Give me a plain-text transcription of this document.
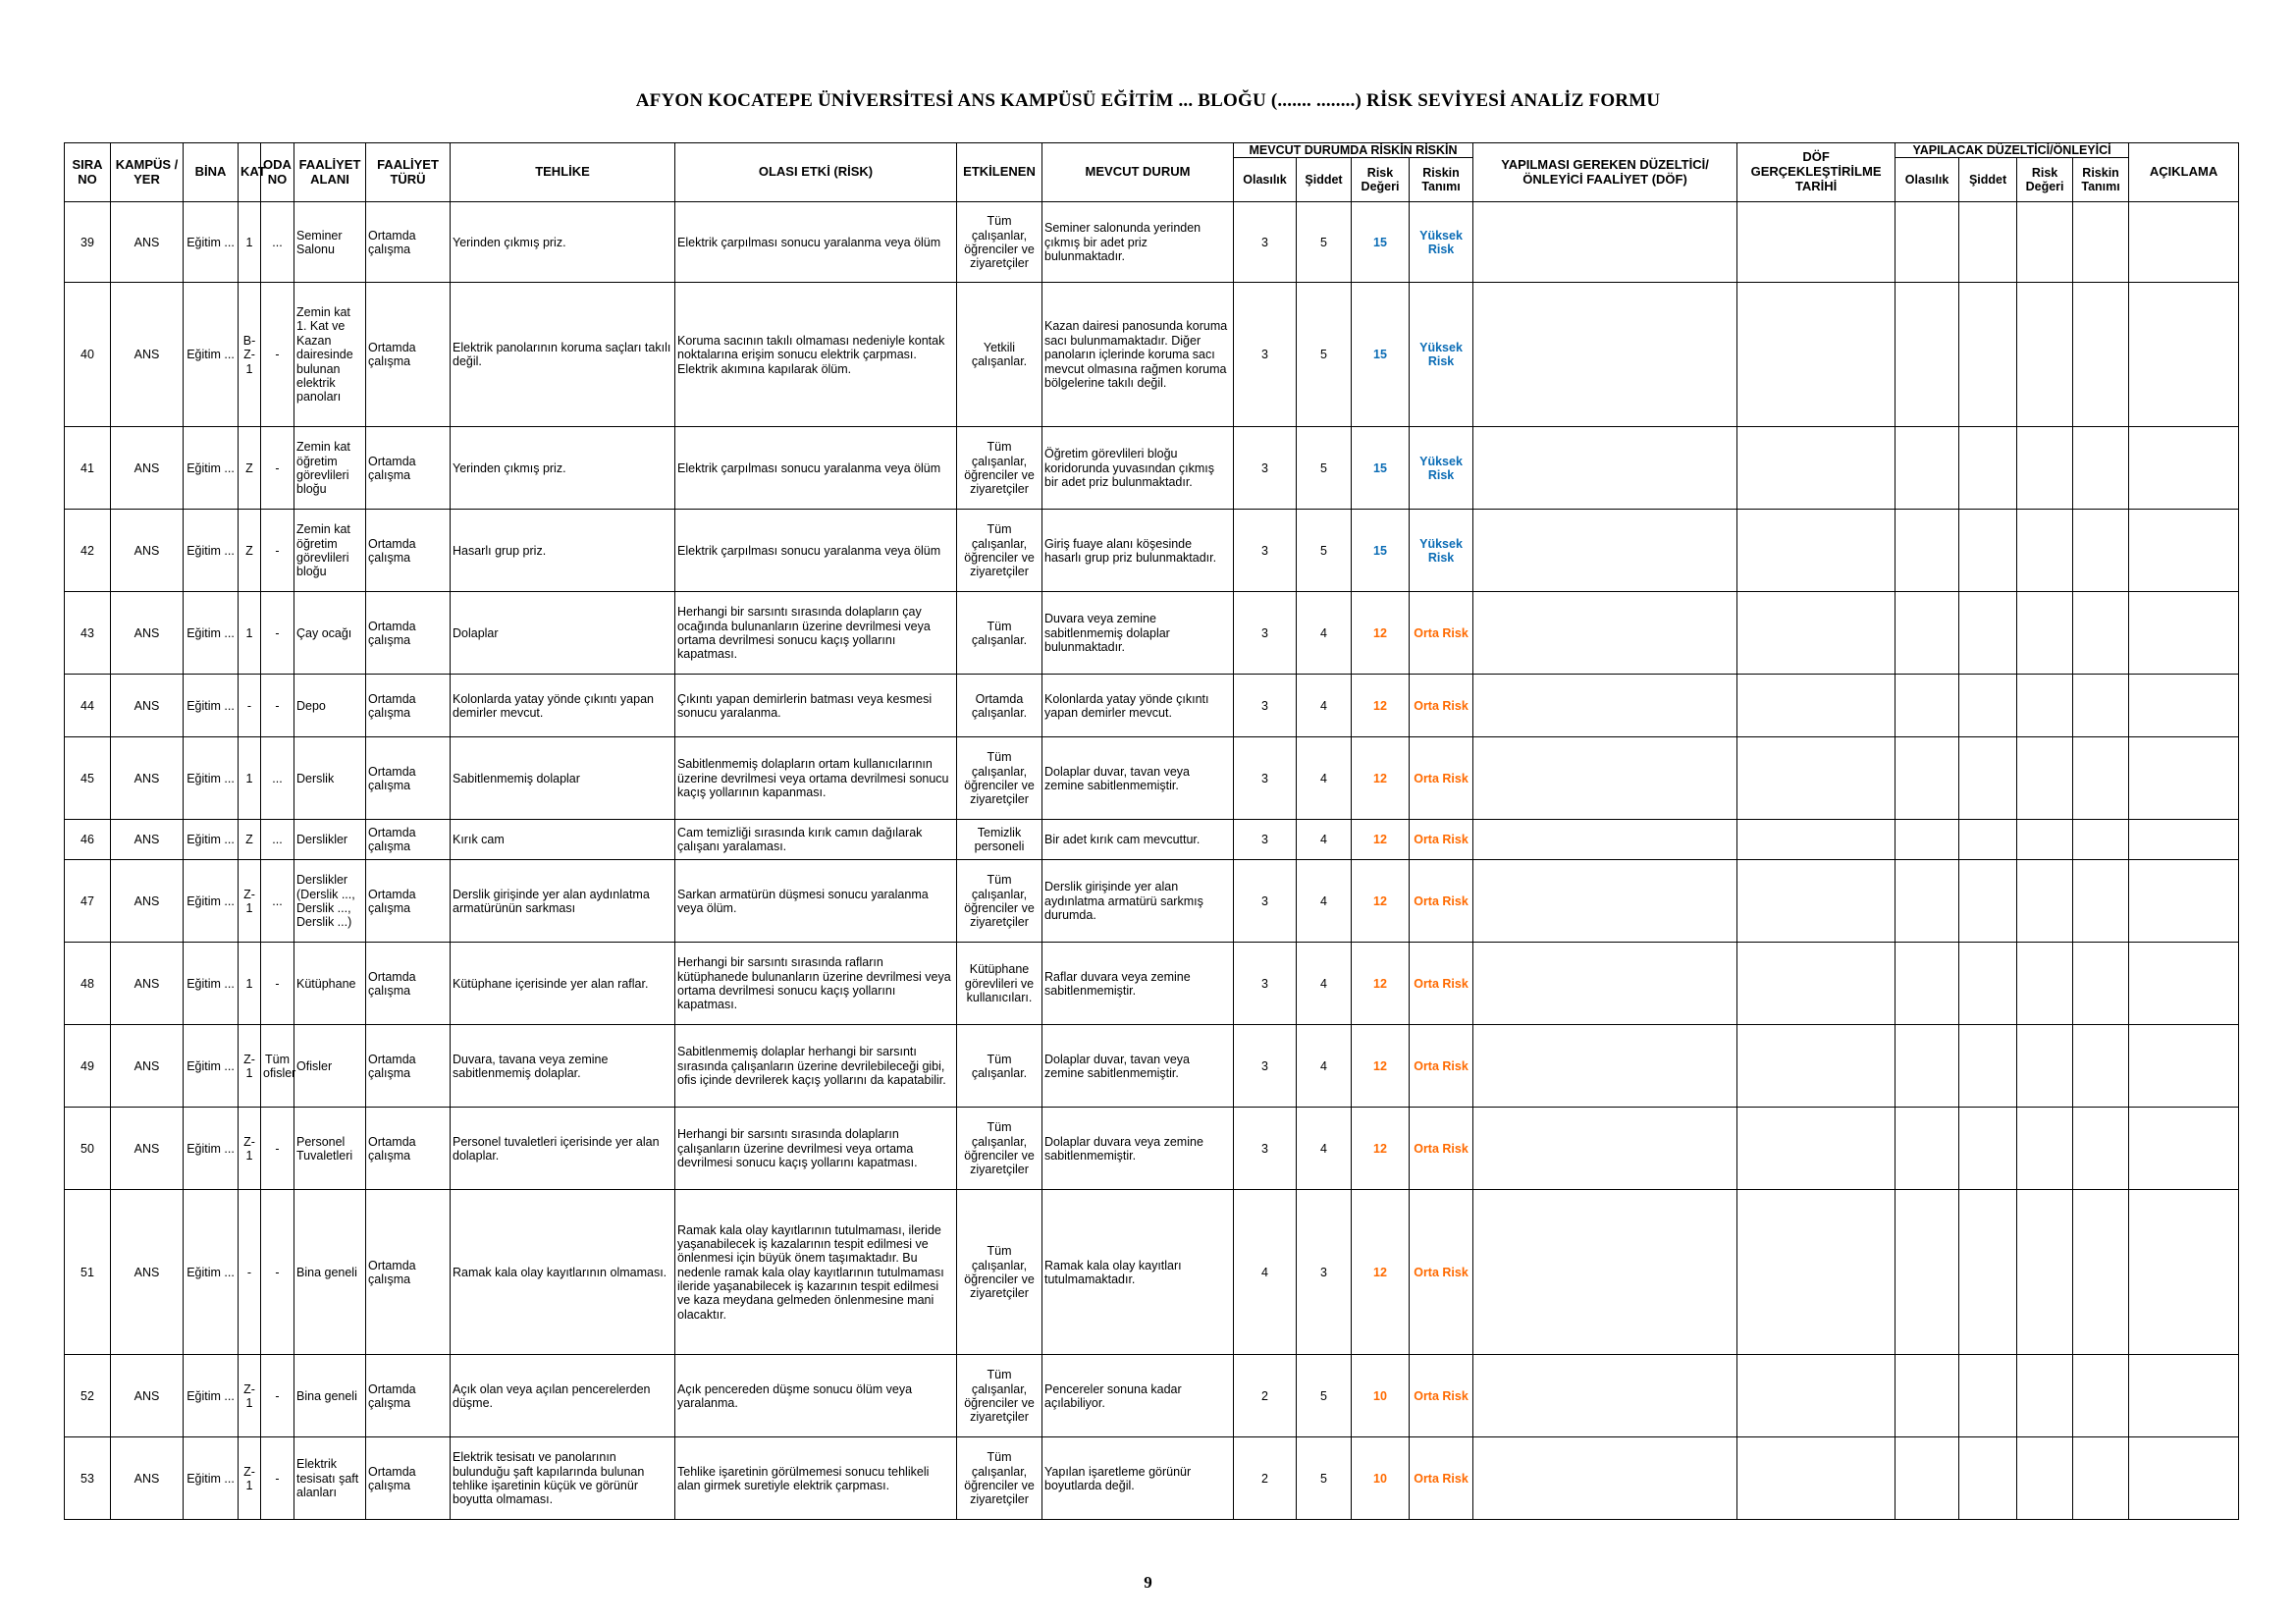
AFYON KOCATEPE ÜNİVERSİTESİ ANS KAMPÜSÜ EĞİTİM ... BLOĞU (....... ........) RİSK SEVİYESİ ANALİZ FORMU
SIRA NO	KAMPÜS / YER	BİNA	KAT	ODA NO	FAALİYET ALANI	FAALİYET TÜRÜ	TEHLİKE	OLASI ETKİ (RİSK)	ETKİLENEN	MEVCUT DURUM	MEVCUT DURUMDA RİSKİN RİSKİN				YAPILMASI GEREKEN DÜZELTİCİ/ÖNLEYİCİ FAALİYET (DÖF)	DÖF GERÇEKLEŞTİRİLME TARİHİ	YAPILACAK DÜZELTİCİ/ÖNLEYİCİ				AÇIKLAMA
											Olasılık	Şiddet	Risk Değeri	Riskin Tanımı			Olasılık	Şiddet	Risk Değeri	Riskin Tanımı	
39	ANS	Eğitim ...	1	...	Seminer Salonu	Ortamda çalışma	Yerinden çıkmış priz.	Elektrik çarpılması sonucu yaralanma veya ölüm	Tüm çalışanlar, öğrenciler ve ziyaretçiler	Seminer salonunda yerinden çıkmış bir adet priz bulunmaktadır.	3	5	15	Yüksek Risk							
40	ANS	Eğitim ...	B-Z-1	-	Zemin kat 1. Kat ve Kazan dairesinde bulunan elektrik panoları	Ortamda çalışma	Elektrik panolarının koruma saçları takılı değil.	Koruma sacının takılı olmaması nedeniyle kontak noktalarına erişim sonucu elektrik çarpması. Elektrik akımına kapılarak ölüm.	Yetkili çalışanlar.	Kazan dairesi panosunda koruma sacı bulunmamaktadır. Diğer panoların içlerinde koruma sacı mevcut olmasına rağmen koruma bölgelerine takılı değil.	3	5	15	Yüksek Risk							
41	ANS	Eğitim ...	Z	-	Zemin kat öğretim görevlileri bloğu	Ortamda çalışma	Yerinden çıkmış priz.	Elektrik çarpılması sonucu yaralanma veya ölüm	Tüm çalışanlar, öğrenciler ve ziyaretçiler	Öğretim görevlileri bloğu koridorunda yuvasından çıkmış bir adet priz bulunmaktadır.	3	5	15	Yüksek Risk							
42	ANS	Eğitim ...	Z	-	Zemin kat öğretim görevlileri bloğu	Ortamda çalışma	Hasarlı grup priz.	Elektrik çarpılması sonucu yaralanma veya ölüm	Tüm çalışanlar, öğrenciler ve ziyaretçiler	Giriş fuaye alanı köşesinde hasarlı grup priz bulunmaktadır.	3	5	15	Yüksek Risk							
43	ANS	Eğitim ...	1	-	Çay ocağı	Ortamda çalışma	Dolaplar	Herhangi bir sarsıntı sırasında dolapların çay ocağında bulunanların üzerine devrilmesi veya ortama devrilmesi sonucu kaçış yollarını kapatması.	Tüm çalışanlar.	Duvara veya zemine sabitlenmemiş dolaplar bulunmaktadır.	3	4	12	Orta Risk							
44	ANS	Eğitim ...	-	-	Depo	Ortamda çalışma	Kolonlarda yatay yönde çıkıntı yapan demirler mevcut.	Çıkıntı yapan demirlerin batması veya kesmesi sonucu yaralanma.	Ortamda çalışanlar.	Kolonlarda yatay yönde çıkıntı yapan demirler mevcut.	3	4	12	Orta Risk							
45	ANS	Eğitim ...	1	...	Derslik	Ortamda çalışma	Sabitlenmemiş dolaplar	Sabitlenmemiş dolapların ortam kullanıcılarının üzerine devrilmesi veya ortama devrilmesi sonucu kaçış yollarının kapanması.	Tüm çalışanlar, öğrenciler ve ziyaretçiler	Dolaplar duvar, tavan veya zemine sabitlenmemiştir.	3	4	12	Orta Risk							
46	ANS	Eğitim ...	Z	...	Derslikler	Ortamda çalışma	Kırık cam	Cam temizliği sırasında kırık camın dağılarak çalışanı yaralaması.	Temizlik personeli	Bir adet kırık cam mevcuttur.	3	4	12	Orta Risk							
47	ANS	Eğitim ...	Z-1	...	Derslikler (Derslik ..., Derslik ..., Derslik ...)	Ortamda çalışma	Derslik girişinde yer alan aydınlatma armatürünün sarkması	Sarkan armatürün düşmesi sonucu yaralanma veya ölüm.	Tüm çalışanlar, öğrenciler ve ziyaretçiler	Derslik girişinde yer alan aydınlatma armatürü sarkmış durumda.	3	4	12	Orta Risk							
48	ANS	Eğitim ...	1	-	Kütüphane	Ortamda çalışma	Kütüphane içerisinde yer alan raflar.	Herhangi bir sarsıntı sırasında rafların kütüphanede bulunanların üzerine devrilmesi veya ortama devrilmesi sonucu kaçış yollarını kapatması.	Kütüphane görevlileri ve kullanıcıları.	Raflar duvara veya zemine sabitlenmemiştir.	3	4	12	Orta Risk							
49	ANS	Eğitim ...	Z-1	Tüm ofisler	Ofisler	Ortamda çalışma	Duvara, tavana veya zemine sabitlenmemiş dolaplar.	Sabitlenmemiş dolaplar herhangi bir sarsıntı sırasında çalışanların üzerine devrilebileceği gibi, ofis içinde devrilerek kaçış yollarını da kapatabilir.	Tüm çalışanlar.	Dolaplar duvar, tavan veya zemine sabitlenmemiştir.	3	4	12	Orta Risk							
50	ANS	Eğitim ...	Z-1	-	Personel Tuvaletleri	Ortamda çalışma	Personel tuvaletleri içerisinde yer alan dolaplar.	Herhangi bir sarsıntı sırasında dolapların çalışanların üzerine devrilmesi veya ortama devrilmesi sonucu kaçış yollarını kapatması.	Tüm çalışanlar, öğrenciler ve ziyaretçiler	Dolaplar duvara veya zemine sabitlenmemiştir.	3	4	12	Orta Risk							
51	ANS	Eğitim ...	-	-	Bina geneli	Ortamda çalışma	Ramak kala olay kayıtlarının olmaması.	Ramak kala olay kayıtlarının tutulmaması, ileride yaşanabilecek iş kazalarının tespit edilmesi ve önlenmesi için büyük önem taşımaktadır. Bu nedenle ramak kala olay kayıtlarının tutulmaması ileride yaşanabilecek iş kazarının tespit edilmesi ve kaza meydana gelmeden önlenmesine mani olacaktır.	Tüm çalışanlar, öğrenciler ve ziyaretçiler	Ramak kala olay kayıtları tutulmamaktadır.	4	3	12	Orta Risk							
52	ANS	Eğitim ...	Z-1	-	Bina geneli	Ortamda çalışma	Açık olan veya açılan pencerelerden düşme.	Açık pencereden düşme sonucu ölüm veya yaralanma.	Tüm çalışanlar, öğrenciler ve ziyaretçiler	Pencereler sonuna kadar açılabiliyor.	2	5	10	Orta Risk							
53	ANS	Eğitim ...	Z-1	-	Elektrik tesisatı şaft alanları	Ortamda çalışma	Elektrik tesisatı ve panolarının bulunduğu şaft kapılarında bulunan tehlike işaretinin küçük ve görünür boyutta olmaması.	Tehlike işaretinin görülmemesi sonucu tehlikeli alan girmek suretiyle elektrik çarpması.	Tüm çalışanlar, öğrenciler ve ziyaretçiler	Yapılan işaretleme görünür boyutlarda değil.	2	5	10	Orta Risk							
9
